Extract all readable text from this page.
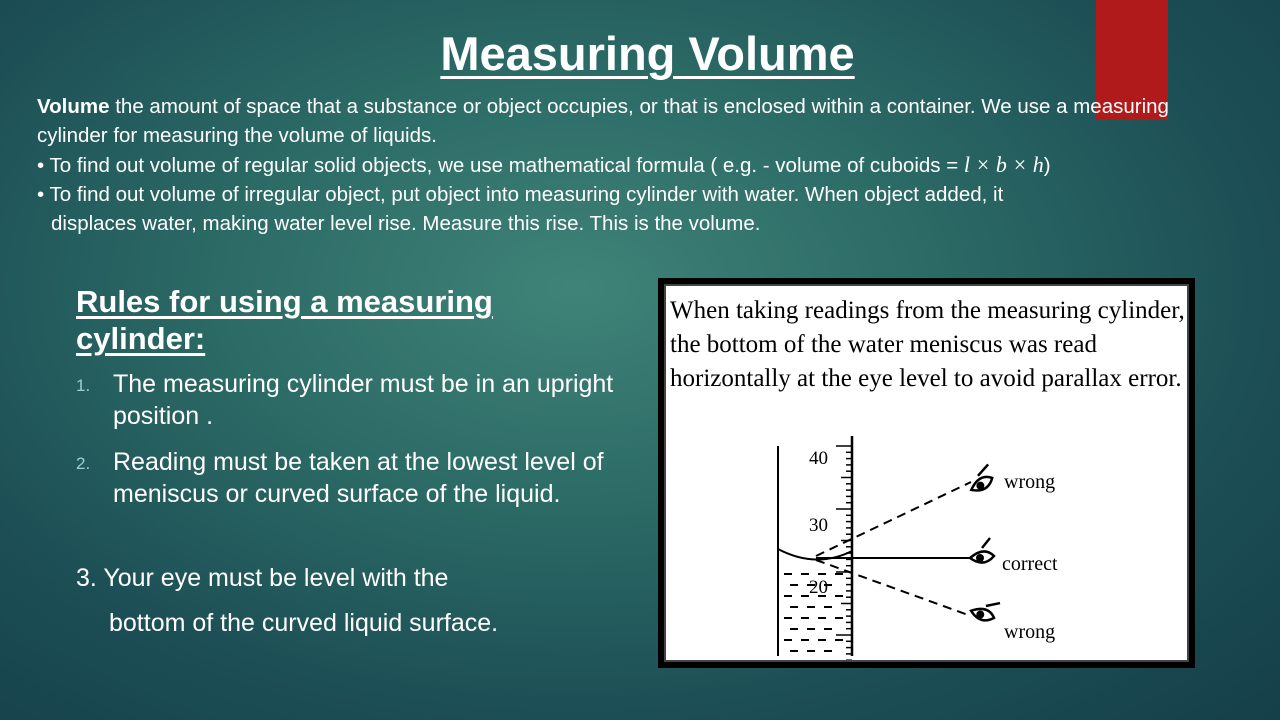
Measuring Volume

Volume the amount of space that a substance or object occupies, or that is enclosed within a container. We use a measuring cylinder for measuring the volume of liquids.

• To find out volume of regular solid objects, we use mathematical formula ( e.g. - volume of cuboids = l × b × h)

• To find out volume of irregular object, put object into measuring cylinder with water. When object added, it
displaces water, making water level rise. Measure this rise. This is the volume.

Rules for using a measuring cylinder:
1. The measuring cylinder must be in an upright position .
2. Reading must be taken at the lowest level of meniscus or curved surface of the liquid.
3. Your eye must be level with the
bottom of the curved liquid surface.
When taking readings from the measuring cylinder, the bottom of the water meniscus was read horizontally at the eye level to avoid parallax error.
40
30
20
wrong
correct
wrong
